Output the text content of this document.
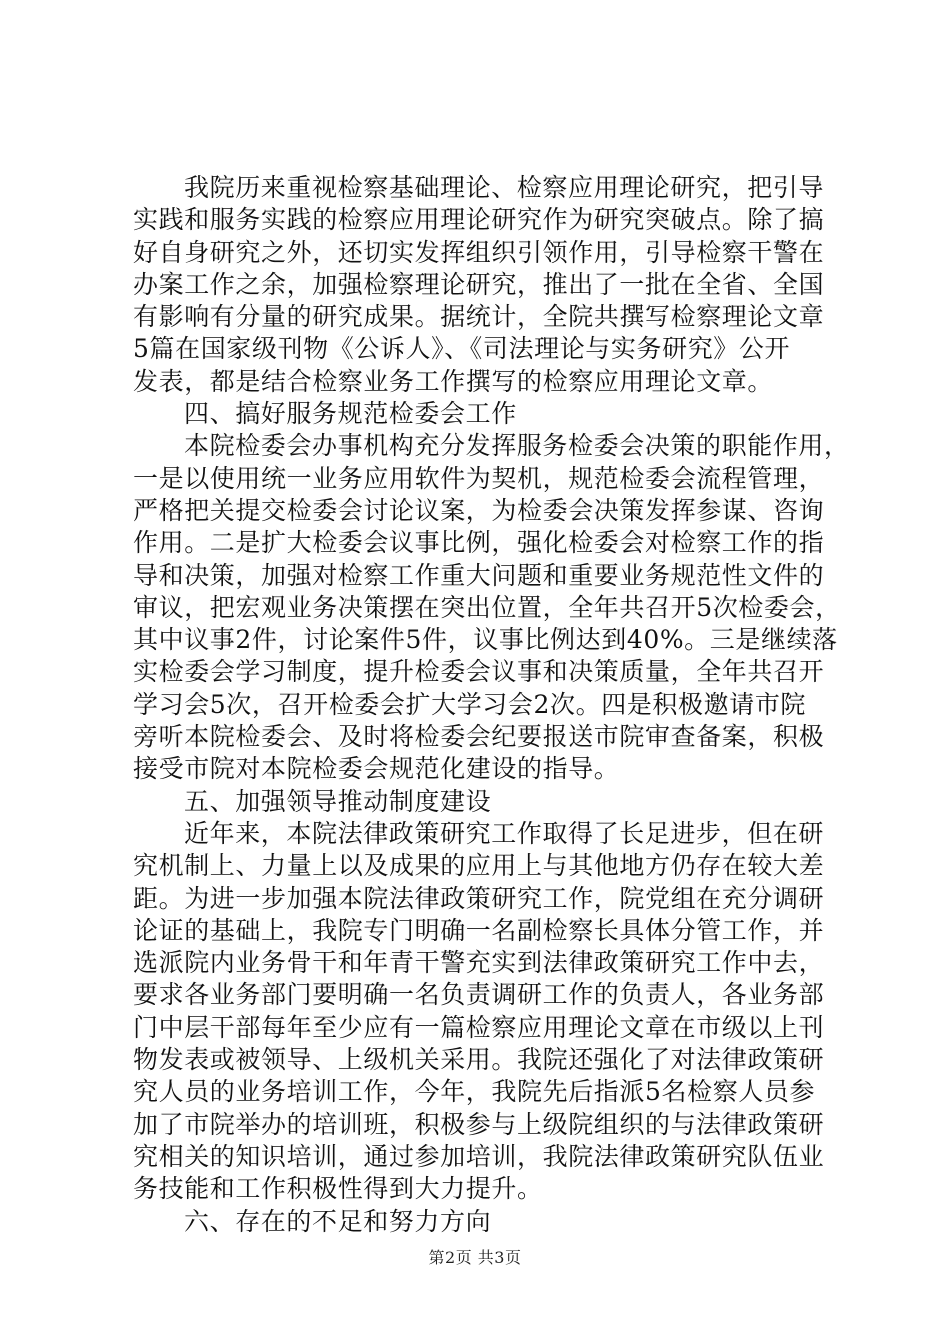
我院历来重视检察基础理论、检察应用理论研究，把引导
实践和服务实践的检察应用理论研究作为研究突破点。除了搞
好自身研究之外，还切实发挥组织引领作用，引导检察干警在
办案工作之余，加强检察理论研究，推出了一批在全省、全国
有影响有分量的研究成果。据统计，全院共撰写检察理论文章
5篇在国家级刊物《公诉人》、《司法理论与实务研究》公开
发表，都是结合检察业务工作撰写的检察应用理论文章。
四、搞好服务规范检委会工作
本院检委会办事机构充分发挥服务检委会决策的职能作用，
一是以使用统一业务应用软件为契机，规范检委会流程管理，
严格把关提交检委会讨论议案，为检委会决策发挥参谋、咨询
作用。二是扩大检委会议事比例，强化检委会对检察工作的指
导和决策，加强对检察工作重大问题和重要业务规范性文件的
审议，把宏观业务决策摆在突出位置，全年共召开5次检委会，
其中议事2件，讨论案件5件，议事比例达到40%。三是继续落
实检委会学习制度，提升检委会议事和决策质量，全年共召开
学习会5次，召开检委会扩大学习会2次。四是积极邀请市院
旁听本院检委会、及时将检委会纪要报送市院审查备案，积极
接受市院对本院检委会规范化建设的指导。
五、加强领导推动制度建设
近年来，本院法律政策研究工作取得了长足进步，但在研
究机制上、力量上以及成果的应用上与其他地方仍存在较大差
距。为进一步加强本院法律政策研究工作，院党组在充分调研
论证的基础上，我院专门明确一名副检察长具体分管工作，并
选派院内业务骨干和年青干警充实到法律政策研究工作中去，
要求各业务部门要明确一名负责调研工作的负责人，各业务部
门中层干部每年至少应有一篇检察应用理论文章在市级以上刊
物发表或被领导、上级机关采用。我院还强化了对法律政策研
究人员的业务培训工作，今年，我院先后指派5名检察人员参
加了市院举办的培训班，积极参与上级院组织的与法律政策研
究相关的知识培训，通过参加培训，我院法律政策研究队伍业
务技能和工作积极性得到大力提升。
六、存在的不足和努力方向
第2页 共3页
